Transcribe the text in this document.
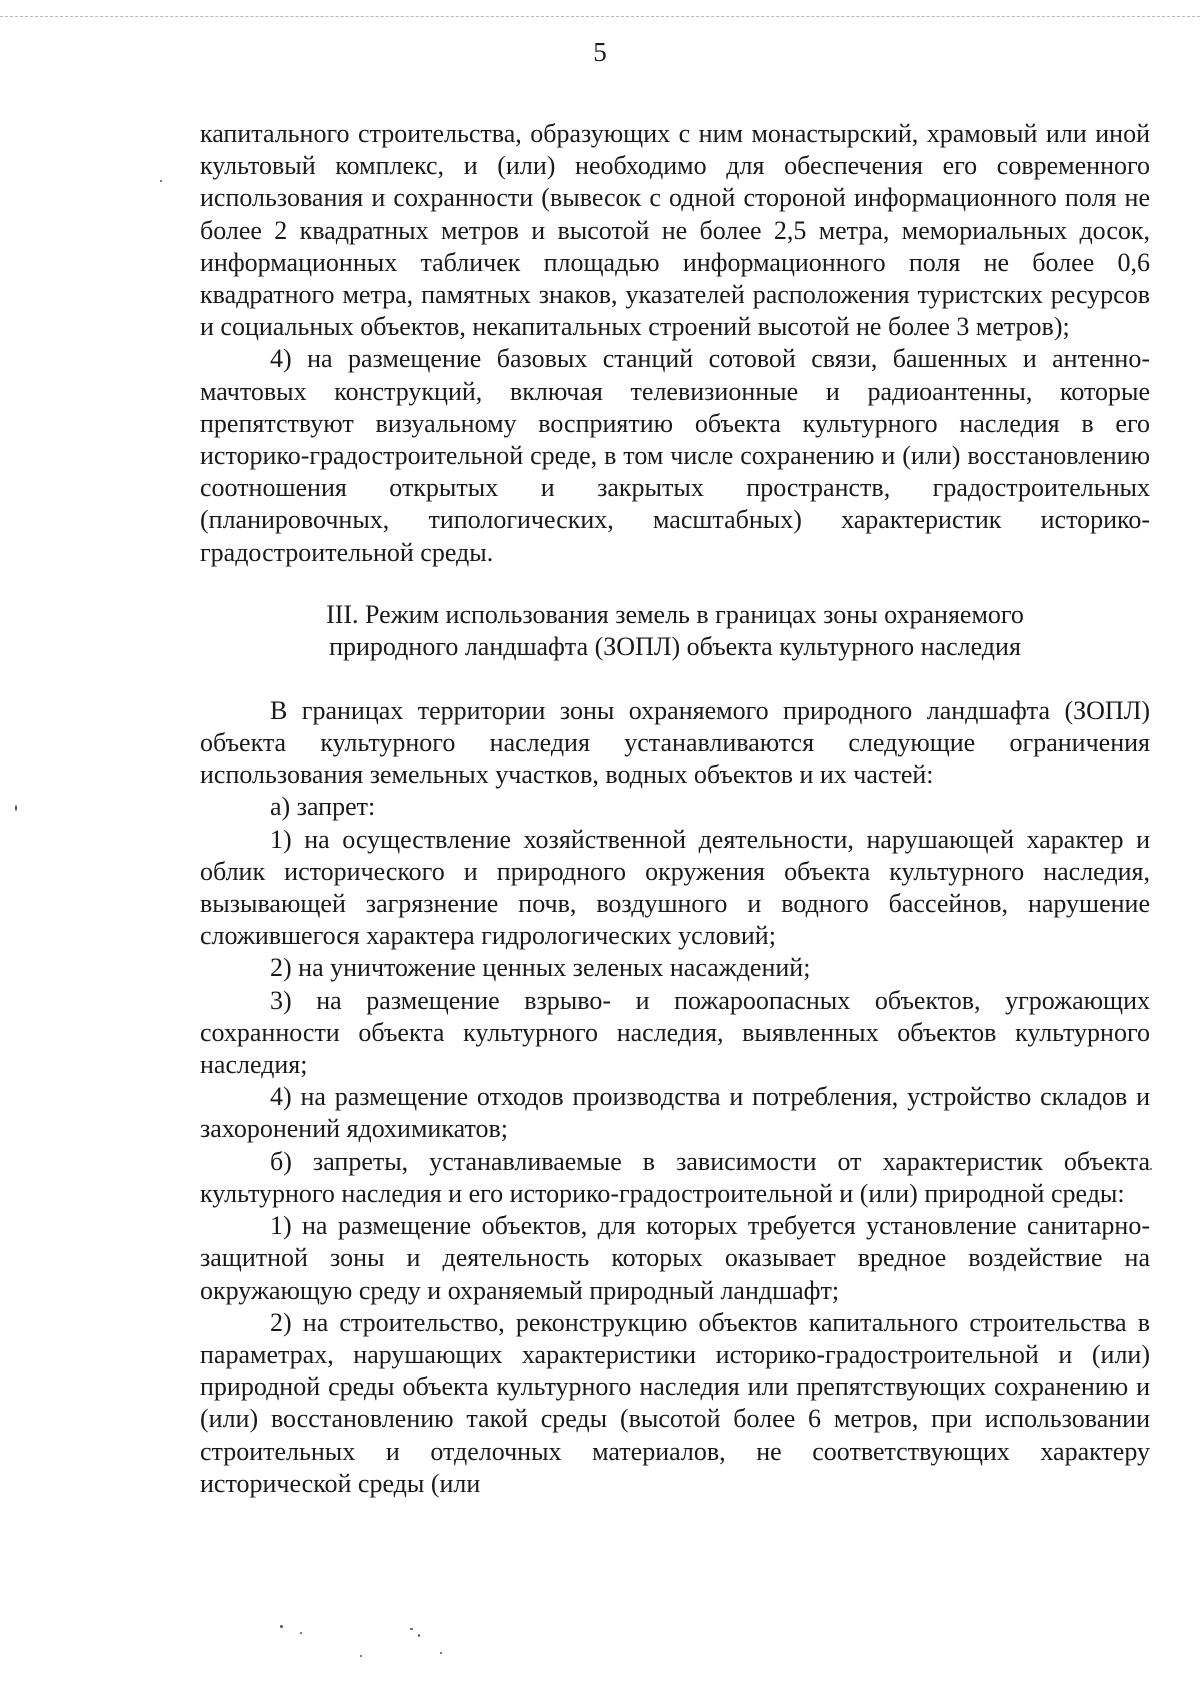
5

капитального строительства, образующих с ним монастырский, храмовый или иной культовый комплекс, и (или) необходимо для обеспечения его современного использования и сохранности (вывесок с одной стороной информационного поля не более 2 квадратных метров и высотой не более 2,5 метра, мемориальных досок, информационных табличек площадью информационного поля не более 0,6 квадратного метра, памятных знаков, указателей расположения туристских ресурсов и социальных объектов, некапитальных строений высотой не более 3 метров);

4) на размещение базовых станций сотовой связи, башенных и антенно-мачтовых конструкций, включая телевизионные и радиоантенны, которые препятствуют визуальному восприятию объекта культурного наследия в его историко-градостроительной среде, в том числе сохранению и (или) восстановлению соотношения открытых и закрытых пространств, градостроительных (планировочных, типологических, масштабных) характеристик историко-градостроительной среды.

III. Режим использования земель в границах зоны охраняемого
природного ландшафта (ЗОПЛ) объекта культурного наследия

В границах территории зоны охраняемого природного ландшафта (ЗОПЛ) объекта культурного наследия устанавливаются следующие ограничения использования земельных участков, водных объектов и их частей:

а) запрет:

1) на осуществление хозяйственной деятельности, нарушающей характер и облик исторического и природного окружения объекта культурного наследия, вызывающей загрязнение почв, воздушного и водного бассейнов, нарушение сложившегося характера гидрологических условий;

2) на уничтожение ценных зеленых насаждений;

3) на размещение взрыво- и пожароопасных объектов, угрожающих сохранности объекта культурного наследия, выявленных объектов культурного наследия;

4) на размещение отходов производства и потребления, устройство складов и захоронений ядохимикатов;

б) запреты, устанавливаемые в зависимости от характеристик объекта культурного наследия и его историко-градостроительной и (или) природной среды:

1) на размещение объектов, для которых требуется установление санитарно-защитной зоны и деятельность которых оказывает вредное воздействие на окружающую среду и охраняемый природный ландшафт;

2) на строительство, реконструкцию объектов капитального строительства в параметрах, нарушающих характеристики историко-градостроительной и (или) природной среды объекта культурного наследия или препятствующих сохранению и (или) восстановлению такой среды (высотой более 6 метров, при использовании строительных и отделочных материалов, не соответствующих характеру исторической среды (или
